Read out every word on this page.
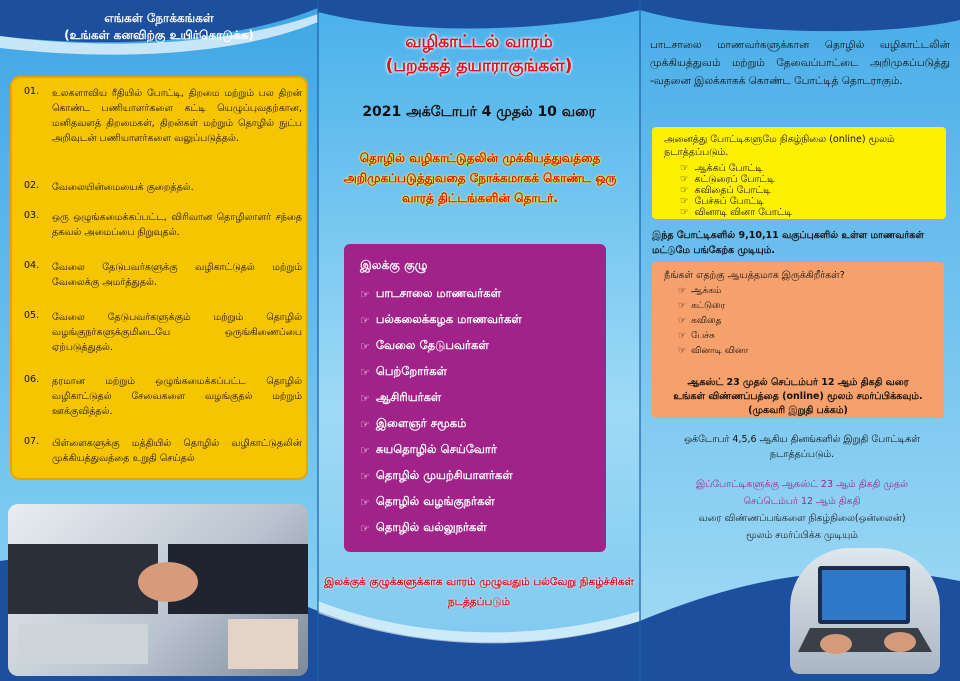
எங்கள் நோக்கங்கள்
(உங்கள் கனவிற்கு உயிர்கொடுக்க)
01.	உலகளாவிய ரீதியில் போட்டி, திறமை மற்றும் பல திறன் கொண்ட பணியாளர்களை கட்டி யெழுப்புவதற்கான, மனிதவளத் திறமைகள், திறன்கள் மற்றும் தொழில் நுட்ப அறிவுடன் பணியாளர்களை வலுப்படுத்தல்.
02.	வேலையின்மையைக் குறைத்தல்.
03.	ஒரு ஒழுங்கமைக்கப்பட்ட, விரிவான தொழிலாளர் சந்தை தகவல் அமைப்பை நிறுவுதல்.
04.	வேலை தேடுபவர்களுக்கு வழிகாட்டுதல் மற்றும் வேலைக்கு அமர்த்துதல்.
05.	வேலை தேடுபவர்களுக்கும் மற்றும் தொழில் வழங்குநர்களுக்குமிடையே ஒருங்கிணைப்பை ஏற்படுத்துதல்.
06.	தரமான மற்றும் ஒழுங்கமைக்கப்பட்ட தொழில் வழிகாட்டுதல் சேவைகளை வழங்குதல் மற்றும் ஊக்குவித்தல்.
07.	பிள்ளைகளுக்கு மத்தியில் தொழில் வழிகாட்டுதலின் முக்கியத்துவத்தை உறுதி செய்தல்
வழிகாட்டல் வாரம்
(பறக்கத் தயாராகுங்கள்)
2021 அக்டோபர் 4 முதல் 10 வரை
தொழில் வழிகாட்டுதலின் முக்கியத்துவத்தை அறிமுகப்படுத்துவதை நோக்கமாகக் கொண்ட ஒரு வாரத் திட்டங்களின் தொடர்.
இலக்கு குழு
☞ பாடசாலை மாணவர்கள்
☞ பல்கலைக்கழக மாணவர்கள்
☞ வேலை தேடுபவர்கள்
☞ பெற்றோர்கள்
☞ ஆசிரியர்கள்
☞ இளைஞர் சமூகம்
☞ சுயதொழில் செய்வோர்
☞ தொழில் முயற்சியாளர்கள்
☞ தொழில் வழங்குநர்கள்
☞ தொழில் வல்லுநர்கள்
இலக்குக் குழுக்களுக்காக வாரம் முழுவதும் பல்வேறு நிகழ்ச்சிகள் நடத்தப்படும்
பாடசாலை மாணவர்களுக்கான தொழில் வழிகாட்டலின் முக்கியத்துவம் மற்றும் தேவைப்பாட்டை அறிமுகப்படுத்து -வதனை இலக்காகக் கொண்ட போட்டித் தொடராகும்.
அனைத்து போட்டிகளுமே நிகழ்நிலை (online) மூலம் நடாத்தப்படும்.
☞ ஆக்கப் போட்டி
☞ கட்டுரைப் போட்டி
☞ கவிதைப் போட்டி
☞ பேச்சுப் போட்டி
☞ வினாடி வினா போட்டி
இந்த போட்டிகளில் 9,10,11 வகுப்புகளில் உள்ள மாணவர்கள் மட்டுமே பங்கேற்க முடியும்.
நீங்கள் எதற்கு ஆயத்தமாக இருக்கிறீர்கள்?
☞ ஆக்கம்
☞ கட்டுரை
☞ கவிதை
☞ பேச்சு
☞ வினாடி வினா
ஆகஸ்ட் 23 முதல் செப்டம்பர் 12 ஆம் திகதி வரை
உங்கள் விண்ணப்பத்தை (online) மூலம் சமர்ப்பிக்கவும்.
(முகவரி இறுதி பக்கம்)
ஒக்டோபர் 4,5,6 ஆகிய தினங்களில் இறுதி போட்டிகள் நடாத்தப்படும்.
இப்போட்டிகளுக்கு ஆகஸ்ட் 23 ஆம் திகதி முதல்
செப்டெம்பர் 12 ஆம் திகதி
வரை விண்ணப்பங்களை நிகழ்நிலை(ஒன்லைன்)
மூலம் சமர்ப்பிக்க முடியும்
